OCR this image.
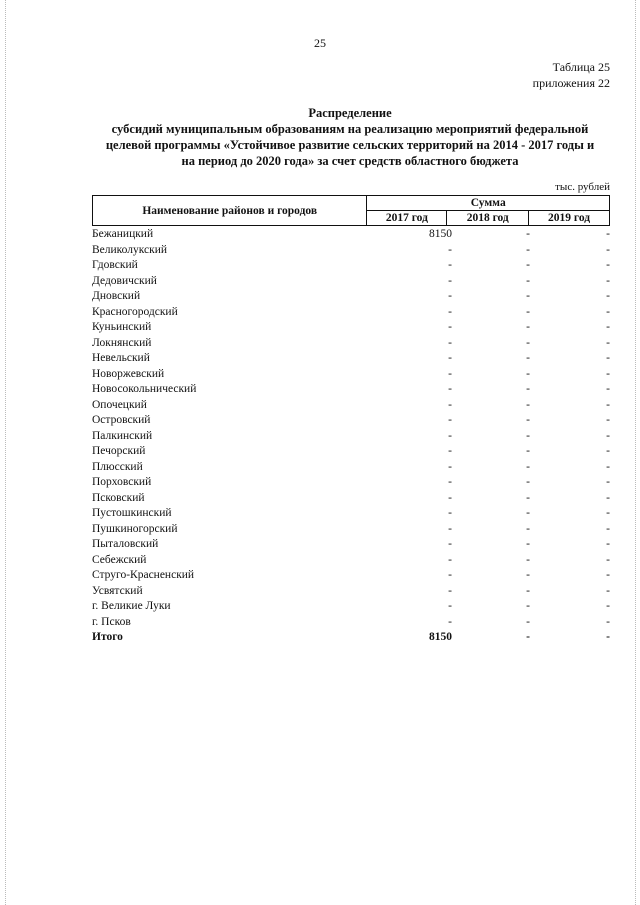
25
Таблица 25
приложения 22
Распределение
субсидий муниципальным образованиям на реализацию мероприятий федеральной
целевой программы «Устойчивое развитие сельских территорий на 2014 - 2017 годы и
на период до 2020 года» за счет средств областного бюджета
тыс. рублей
Наименование районов и городов	Сумма		
	2017 год	2018 год	2019 год
Бежаницкий	8150	-	-
Великолукский	-	-	-
Гдовский	-	-	-
Дедовичский	-	-	-
Дновский	-	-	-
Красногородский	-	-	-
Куньинский	-	-	-
Локнянский	-	-	-
Невельский	-	-	-
Новоржевский	-	-	-
Новосокольнический	-	-	-
Опочецкий	-	-	-
Островский	-	-	-
Палкинский	-	-	-
Печорский	-	-	-
Плюсский	-	-	-
Порховский	-	-	-
Псковский	-	-	-
Пустошкинский	-	-	-
Пушкиногорский	-	-	-
Пыталовский	-	-	-
Себежский	-	-	-
Струго-Красненский	-	-	-
Усвятский	-	-	-
г. Великие Луки	-	-	-
г. Псков	-	-	-
Итого	8150	-	-
